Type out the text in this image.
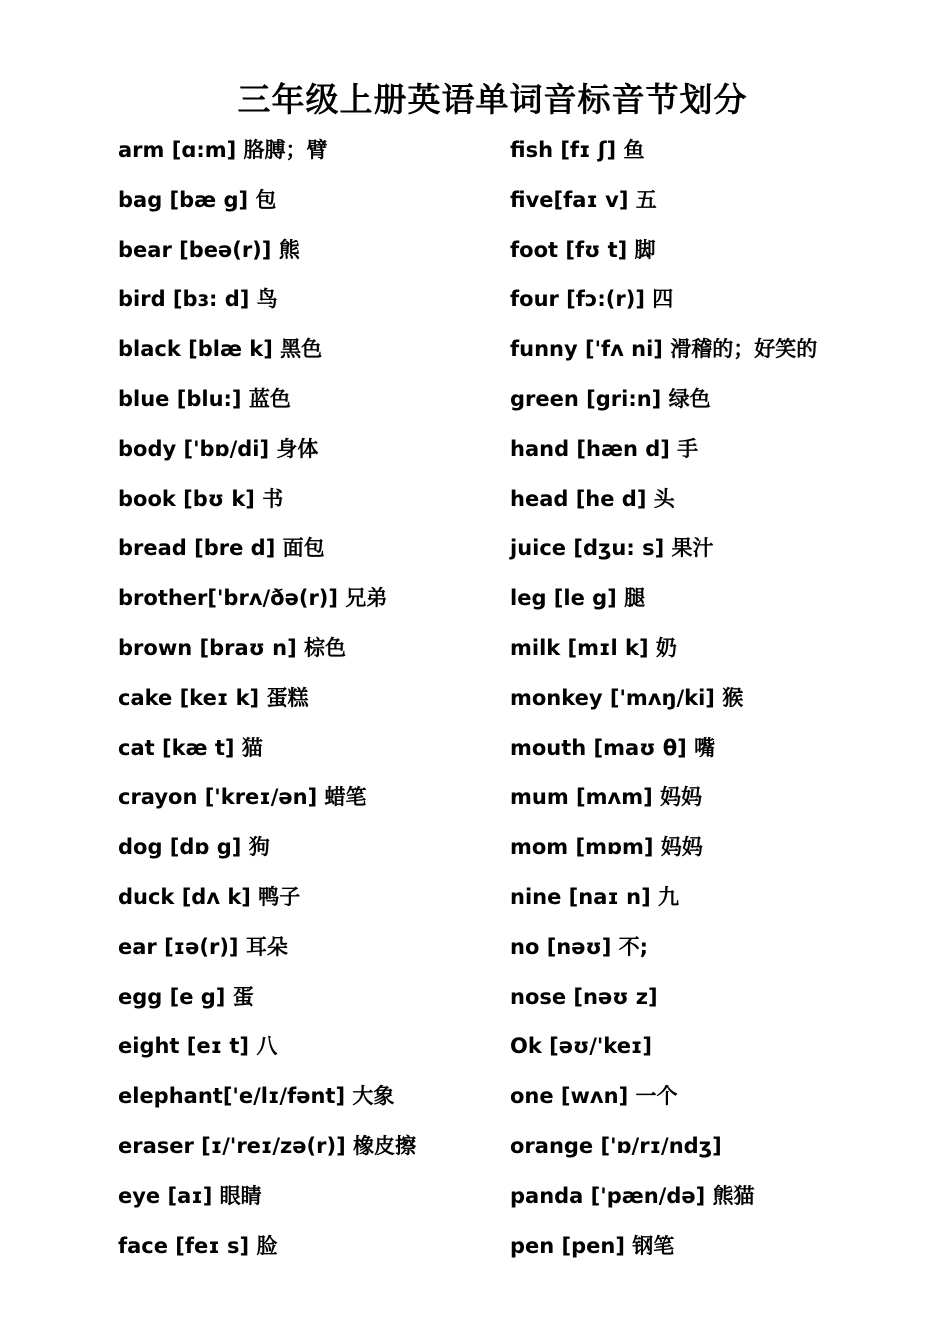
三年级上册英语单词音标音节划分
arm [ɑ:m] 胳膊；臂
bag [bæ g] 包
bear [beə(r)] 熊
bird [bɜ: d] 鸟
black [blæ k] 黑色
blue [blu:] 蓝色
body ['bɒ/di] 身体
book [bʊ k] 书
bread [bre d] 面包
brother['brʌ/ðə(r)] 兄弟
brown [braʊ n] 棕色
cake [keɪ k] 蛋糕
cat [kæ t] 猫
crayon ['kreɪ/ən] 蜡笔
dog [dɒ g] 狗
duck [dʌ k] 鸭子
ear [ɪə(r)] 耳朵
egg [e g] 蛋
eight [eɪ t] 八
elephant['e/lɪ/fənt] 大象
eraser [ɪ/'reɪ/zə(r)] 橡皮擦
eye [aɪ] 眼睛
face [feɪ s] 脸
fish [fɪ ʃ] 鱼
five[faɪ v] 五
foot [fʊ t] 脚
four [fɔ:(r)] 四
funny ['fʌ ni] 滑稽的；好笑的
green [gri:n] 绿色
hand [hæn d] 手
head [he d] 头
juice [dʒu: s] 果汁
leg [le g] 腿
milk [mɪl k] 奶
monkey ['mʌŋ/ki] 猴
mouth [maʊ θ] 嘴
mum [mʌm] 妈妈
mom [mɒm] 妈妈
nine [naɪ n] 九
no [nəʊ] 不;
nose [nəʊ z]
Ok [əʊ/'keɪ]
one [wʌn] 一个
orange ['ɒ/rɪ/ndʒ]
panda ['pæn/də] 熊猫
pen [pen] 钢笔
